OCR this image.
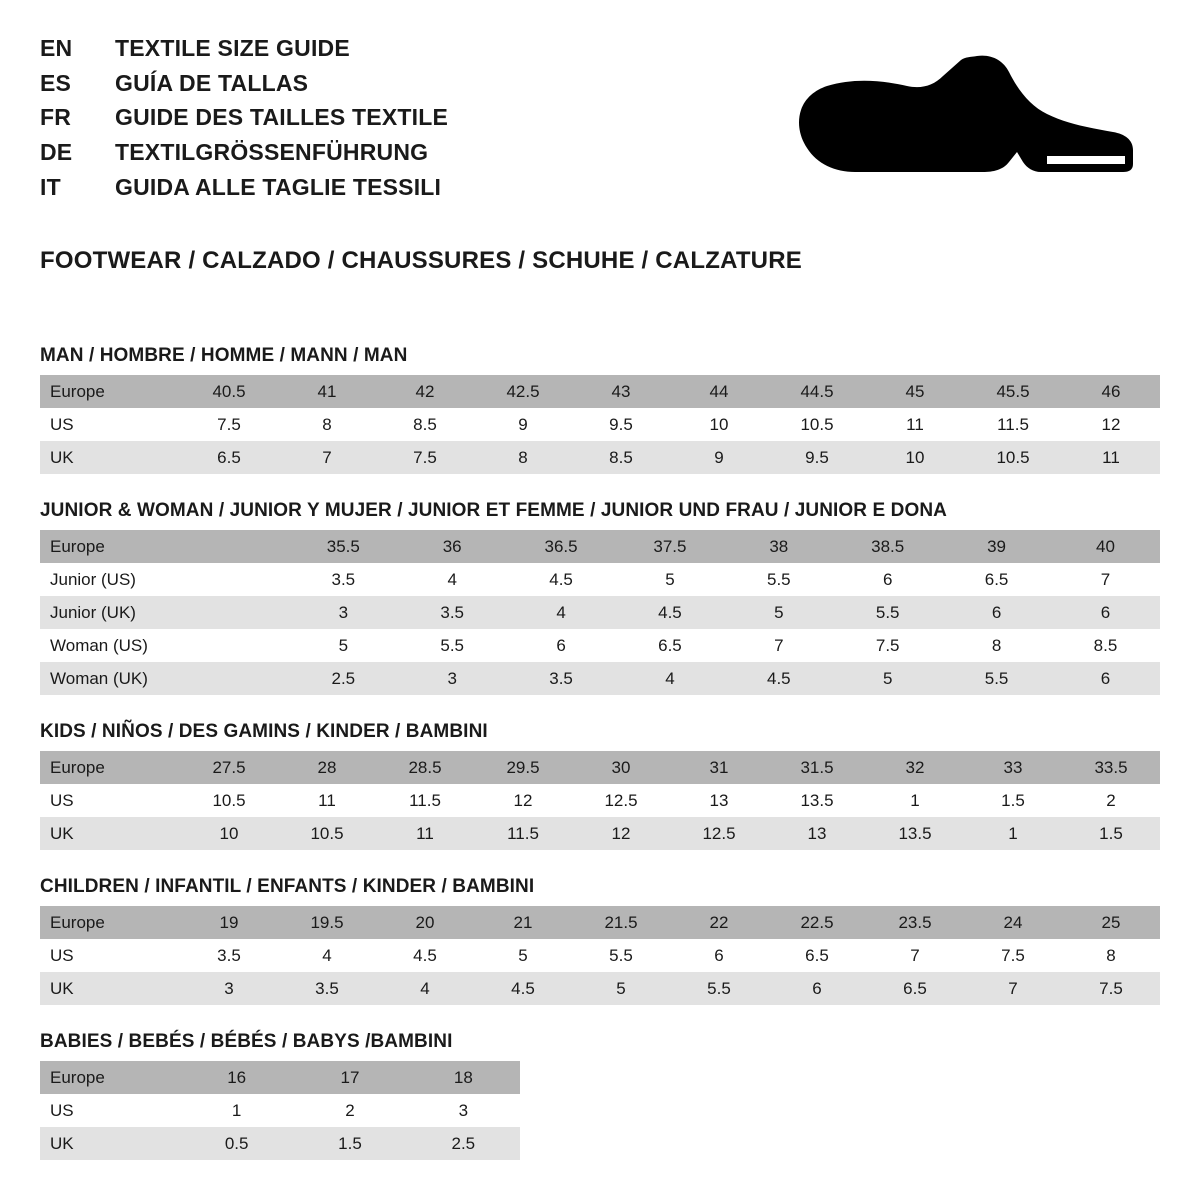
EN	TEXTILE SIZE GUIDE
ES	GUÍA DE TALLAS
FR	GUIDE DES TAILLES TEXTILE
DE	TEXTILGRÖSSENFÜHRUNG
IT	GUIDA ALLE TAGLIE TESSILI
FOOTWEAR / CALZADO / CHAUSSURES / SCHUHE / CALZATURE
MAN / HOMBRE / HOMME / MANN / MAN
Europe	40.5	41	42	42.5	43	44	44.5	45	45.5	46
US	7.5	8	8.5	9	9.5	10	10.5	11	11.5	12
UK	6.5	7	7.5	8	8.5	9	9.5	10	10.5	11
JUNIOR & WOMAN / JUNIOR Y MUJER / JUNIOR ET FEMME / JUNIOR UND FRAU / JUNIOR E DONA
Europe		35.5	36	36.5	37.5	38	38.5	39	40
Junior (US)		3.5	4	4.5	5	5.5	6	6.5	7
Junior (UK)		3	3.5	4	4.5	5	5.5	6	6
Woman (US)		5	5.5	6	6.5	7	7.5	8	8.5
Woman (UK)		2.5	3	3.5	4	4.5	5	5.5	6
KIDS / NIÑOS / DES GAMINS / KINDER / BAMBINI
Europe	27.5	28	28.5	29.5	30	31	31.5	32	33	33.5
US	10.5	11	11.5	12	12.5	13	13.5	1	1.5	2
UK	10	10.5	11	11.5	12	12.5	13	13.5	1	1.5
CHILDREN / INFANTIL / ENFANTS / KINDER / BAMBINI
Europe	19	19.5	20	21	21.5	22	22.5	23.5	24	25
US	3.5	4	4.5	5	5.5	6	6.5	7	7.5	8
UK	3	3.5	4	4.5	5	5.5	6	6.5	7	7.5
BABIES / BEBÉS / BÉBÉS / BABYS /BAMBINI
Europe	16	17	18
US	1	2	3
UK	0.5	1.5	2.5
